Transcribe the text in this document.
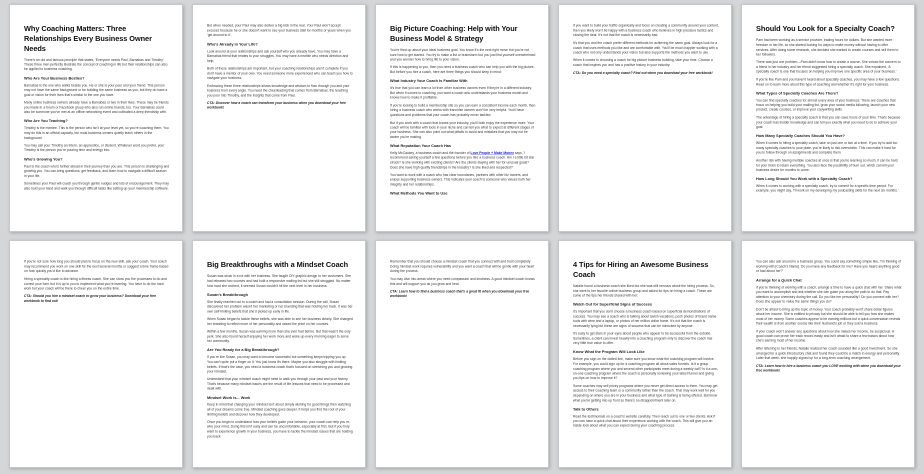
Why Coaching Matters: Three Relationships Every Business Owner Needs

There's an old and famous principle that states, 'Everyone needs Paul, Barnabas and Timothy.' These three men perfectly illustrate the concept of coaching in life but their relationships can also be applied to business coaching.

Who Are Your Business Besties?

Barnabas is the one who walks beside you. He or she is your peer and your friend. This person may not have the same background or be building the same business as you, but they do have a goal or vision for their lives that's similar to the one you have.

Many online business owners already have a Barnabas or two in their lives. These may be friends you made in a forum or Facebook group who also run online brands, too. Your Barnabas could also be someone you've met at an offline networking event and cultivated a deep friendship with.

Who Are You Teaching?

Timothy is the mentee. This is the person who isn't at your level yet, so you're coaching them. You may do this in an official capacity, but most business owners quietly teach others in the background.

You may call your Timothy an intern, an apprentice, or student. Whatever word you prefer, your Timothy is the person you're pouring time and energy into.

Who's Growing You?

Paul is the coach who's further ahead in their journey than you are. This person is challenging and growing you. You can bring questions, get feedback, and learn how to navigate a difficult season in your life.

Sometimes your Paul will coach you through gentle nudges and lots of encouragement. They may also hold your hand and walk you through difficult tasks like setting up your membership software.

But when needed, your Paul may also deliver a big kick in the rear. Your Paul won't accept excuses because he or she doesn't want to see your business stall for months or years when you 'get around to it'.

Who's Already in Your Life?

Look around at your relationships and ask yourself who you already have. You may have a Barnabas friend that relates to your struggles. You may have a newbie who needs direction and help.

Both of these relationships are important, but your coaching relationships aren't complete if you don't have a mentor of your own. You need someone more experienced who can teach you how to navigate your business.

Embracing these three relationships allows knowledge and wisdom to flow through you and your business from every angle. You need the cheerleading that comes from Barnabas, the teaching you pour into Timothy, and the insights that come from Paul.

CTA: Discover how a coach can transform your business when you download your free workbook!

Big Picture Coaching: Help with Your Business Model & Strategy

You're fired up about your ideal business goal. You know it's the next right move but you're not sure how to get started. You try to make a list or brainstorm but you just find yourself overwhelmed and you wonder how to bring life to your vision.

If this is happening to you, then you need a business coach who can help you with the big picture. But before you hire a coach, here are three things you should keep in mind:

What Industry Your Coach Is Familiar With

It's true that you can learn a lot from other business owners even if they're in a different industry. But when it comes to coaching, you want a coach who understands your business model and knows how to make it profitable.

If you're looking to build a membership site so you can earn a consistent income each month, then hiring a business coach who works with franchise owners won't be very helpful. You'll have questions and problems that your coach has probably never tackled.

But if you work with a coach that knows your industry, you'll both enjoy the experience more. Your coach will be familiar with tools in your niche and can tell you what to expect at different stages of your business. She can also point out what pitfalls to avoid and mistakes that you may not be aware you're making.

What Reputation Your Coach Has

Kelly McCausey, a business coach and the founder of Love People + Make Money says, 'I recommend asking yourself a few questions before you hire a business coach: Am I a little bit star struck? Is she working with exciting clients? Are the clients staying with her for unusual goals? Does she have high quality friendships in the industry? Is she liked and respected?'

You want to work with a coach who has clear boundaries, partners with other biz owners, and enjoys supporting business owners. This indicates your coach is someone who values both her integrity and her relationships.

What Methods You Want to Use

If you want to build your traffic organically and focus on creating a community around your content, then you likely won't be happy with a business coach who believes in high pressure tactics and closing the deal. It's not that the coach is necessarily bad.

It's that you and the coach prefer different methods for achieving the same goal. Always look for a coach that uses methods you like and are comfortable with. You'll be much happier working with a coach who not only understands your vision but also supports the methods you want to use.

When it comes to choosing a coach for big picture business building, take your time. Choose a coach that inspires you and has a positive history in your industry.

CTA: Do you need a specialty coach? Find out when you download your free workbook!

Should You Look for a Specialty Coach?

Pam had been working as a service provider, trading hours for dollars. But she wanted more freedom in her life, so she started looking for ways to make money without having to offer services. After doing some research, she decided she wanted to create courses and sell them to her followers.

There was just one problem—Pam didn't know how to create a course. She voiced the concern to a friend in her industry and her friend suggested hiring a specialty coach. She explained, 'A specialty coach is one that focuses on helping you improve one specific area of your business.'

If you're like Pam and you haven't heard about specialty coaches, you may have a few questions. Read on to learn more about this type of coaching and whether it's right for your business.

What Types of Specialty Coaches Are There?

You can find specialty coaches for almost every area of your business. There are coaches that focus on helping you build your mailing list, grow your social media following, launch your new product, create courses, or improve your copywriting skills.

The advantage of hiring a specialty coach is that you can save hours of your time. That's because your coach has insider knowledge and can tell you exactly what you need to do to achieve your goal.

How Many Specialty Coaches Should You Have?

When it comes to hiring a specialty coach, take on just one or two at a time. If you try to add too many specialty coaches to your plate, you're likely to risk overwhelm. This can make it hard for you to follow through on assignments and complete them.

Another risk with having multiple coaches at once is that you're learning so much, it can be hard for your brain to retain everything. You also face the possibility of burn out, which can kill your business desire for months to come.

How Long Should You Work with a Specialty Coach?

When it comes to working with a specialty coach, try to commit for a specific time period. For example, you might say, 'I'll work on my developing my podcasting skills for the next six months.'

If you're not sure how long you should plan to focus on the new skill, ask your coach. Your coach may recommend you work on one skill for the next several months or suggest a time frame based on how quickly you'd like to advance.

Hiring a specialty coach is like hiring a fitness coach. She can show you the processes to do and correct your form but it is up to you to implement what you're learning. You have to do the hard work but your coach will be there to cheer you on the entire time.

CTA: Should you hire a mindset coach to grow your business? Download your free workbook to find out!

Big Breakthroughs with a Mindset Coach

Susan was stuck in a rut with her business. She taught DIY graphic design to her customers. She had released two courses and had built a responsive mailing list but she still struggled. No matter how hard she worked, it seemed Susan couldn't hit the next level in her business.

Susan's Breakthrough

She finally reached out to a coach and had a consultation session. During the call, Susan discovered her problem wasn't her marketing or her branding that was holding her back. It was her own self-limiting beliefs that she'd picked up early in life.

When Susan began to tackle these beliefs, she was able to see her business clearly. She changed her branding to reflect more of her personality and raised the price on her courses.

Within a few months, Susan was earning more than she ever had before. But that wasn't the only perk. She also found herself enjoying her work more and woke up every morning eager to serve her community.

Are You Ready for a Big Breakthrough?

If you're like Susan, you may want to become successful but something keeps tripping you up. You can't quite put a finger on it. You just know it's there. Maybe you also struggle with limiting beliefs. If that's the case, you need a business coach that's focused on stretching you and growing your mindset.

Understand that your mindset coach might need to walk you through your past and your history. That's because many mindset issues are the result of life lessons that need to be processed and dealt with.

Mindset Work Is... Work

Keep in mind that changing your mindset isn't about simply wishing for good things then watching all of your dreams come true. Mindset coaching goes deeper. It helps you find the root of your limiting beliefs and discover how they developed.

Once you begin to understand how your beliefs guide your behavior, your coach can help you re-wire your mind. Doing this isn't easy and can be uncomfortable, especially at first. But if you truly want to experience growth in your business, you have to tackle the mindset issues that are holding you back.

Remember that you should choose a mindset coach that you connect with and trust completely. Doing mindset work requires vulnerability and you want a coach that will be gentle with your heart during the process.

You may dive into areas where you need compassion and kindness. A good mindset coach knows this and will support you as you grow and heal.

CTA: Learn how to find a business coach that's a great fit when you download your free workbook!

4 Tips for Hiring an Awesome Business Coach

Natalie found a business coach she liked but she was still nervous about the hiring process. So, she went to her favorite online business group and asked for tips on hiring a coach. These are some of the tips her friends shared with her:

Watch Out for Superficial Signs of Success

It's important that you don't choose a business coach based on superficial demonstrations of success. You may see a coach who is talking about lavish vacations, posh photos of brand name tools with wine and a laptop, or photos of her million dollar home. It's not that the coach is necessarily lying but these are signs of success that can be mimicked by anyone.

It's easy to get stars in your eyes about people who appear to be successful from the outside. Sometimes, a client can invest heavily into a coaching program only to discover the coach has very little true value to offer.

Know What the Program Will Look Like

Before you sign on the dotted line, make sure you know what the coaching program will involve. For example, you could sign up for a coaching program all about sales funnels. Is it a group coaching program where you and several other participants meet during a weekly call? Is it a one-on-one coaching program where the coach is personally reviewing your latest funnel and giving you tips on how to improve it?

Some coaches may sell pricey programs where you never get direct access to them. You may get access to their coaching team or a community rather than the coach. That may work well for you depending on where you are in your business and what type of training is being offered. But know what you're getting into up front so there's no disappointment later on.

Talk to Others

Read the testimonials on a coach's website carefully. Then reach out to one or two clients. Ask if you can have a quick chat about their experience working with the coach. This will give you an inside look about what you can expect during your coaching process.

You can also ask around in a business group. You could say something simple like, 'I'm thinking of working with [Coach's Name]. Do you have any feedback for me? Have you heard anything good or bad about her?'

Arrange for a Quick Chat

If you're thinking of working with a coach, arrange a time to have a quick chat with her. Share what you want to accomplish and ask whether she can guide you along the path to do that. Pay attention to your chemistry during the call. Do you like her personality? Do you connect with her? Does she appear to value the same things you do?

Don't be afraid to bring up the topic of money. Your coach probably won't share dollar figures about her income. She is entitled to privacy but she should be able to tell you how she makes most of her money. Some coaches appear to be earning millions but a quick conversation reveals their wealth is from another source like their husband's job or they sold a business.

If your coach won't answer any questions about how she makes her income, be suspicious. A good coach can prove her track record easily and isn't afraid to share a few basics about how she's earning most of her income.

After listening to her friends, Natalie realized her coach sounded like a good investment. So she arranged for a quick introductory chat and found they could be a match in energy and personality. Later that week, she happily signed up for a long-term coaching arrangement.

CTA: Learn how to hire a business coach you LOVE working with when you download your free workbook!
